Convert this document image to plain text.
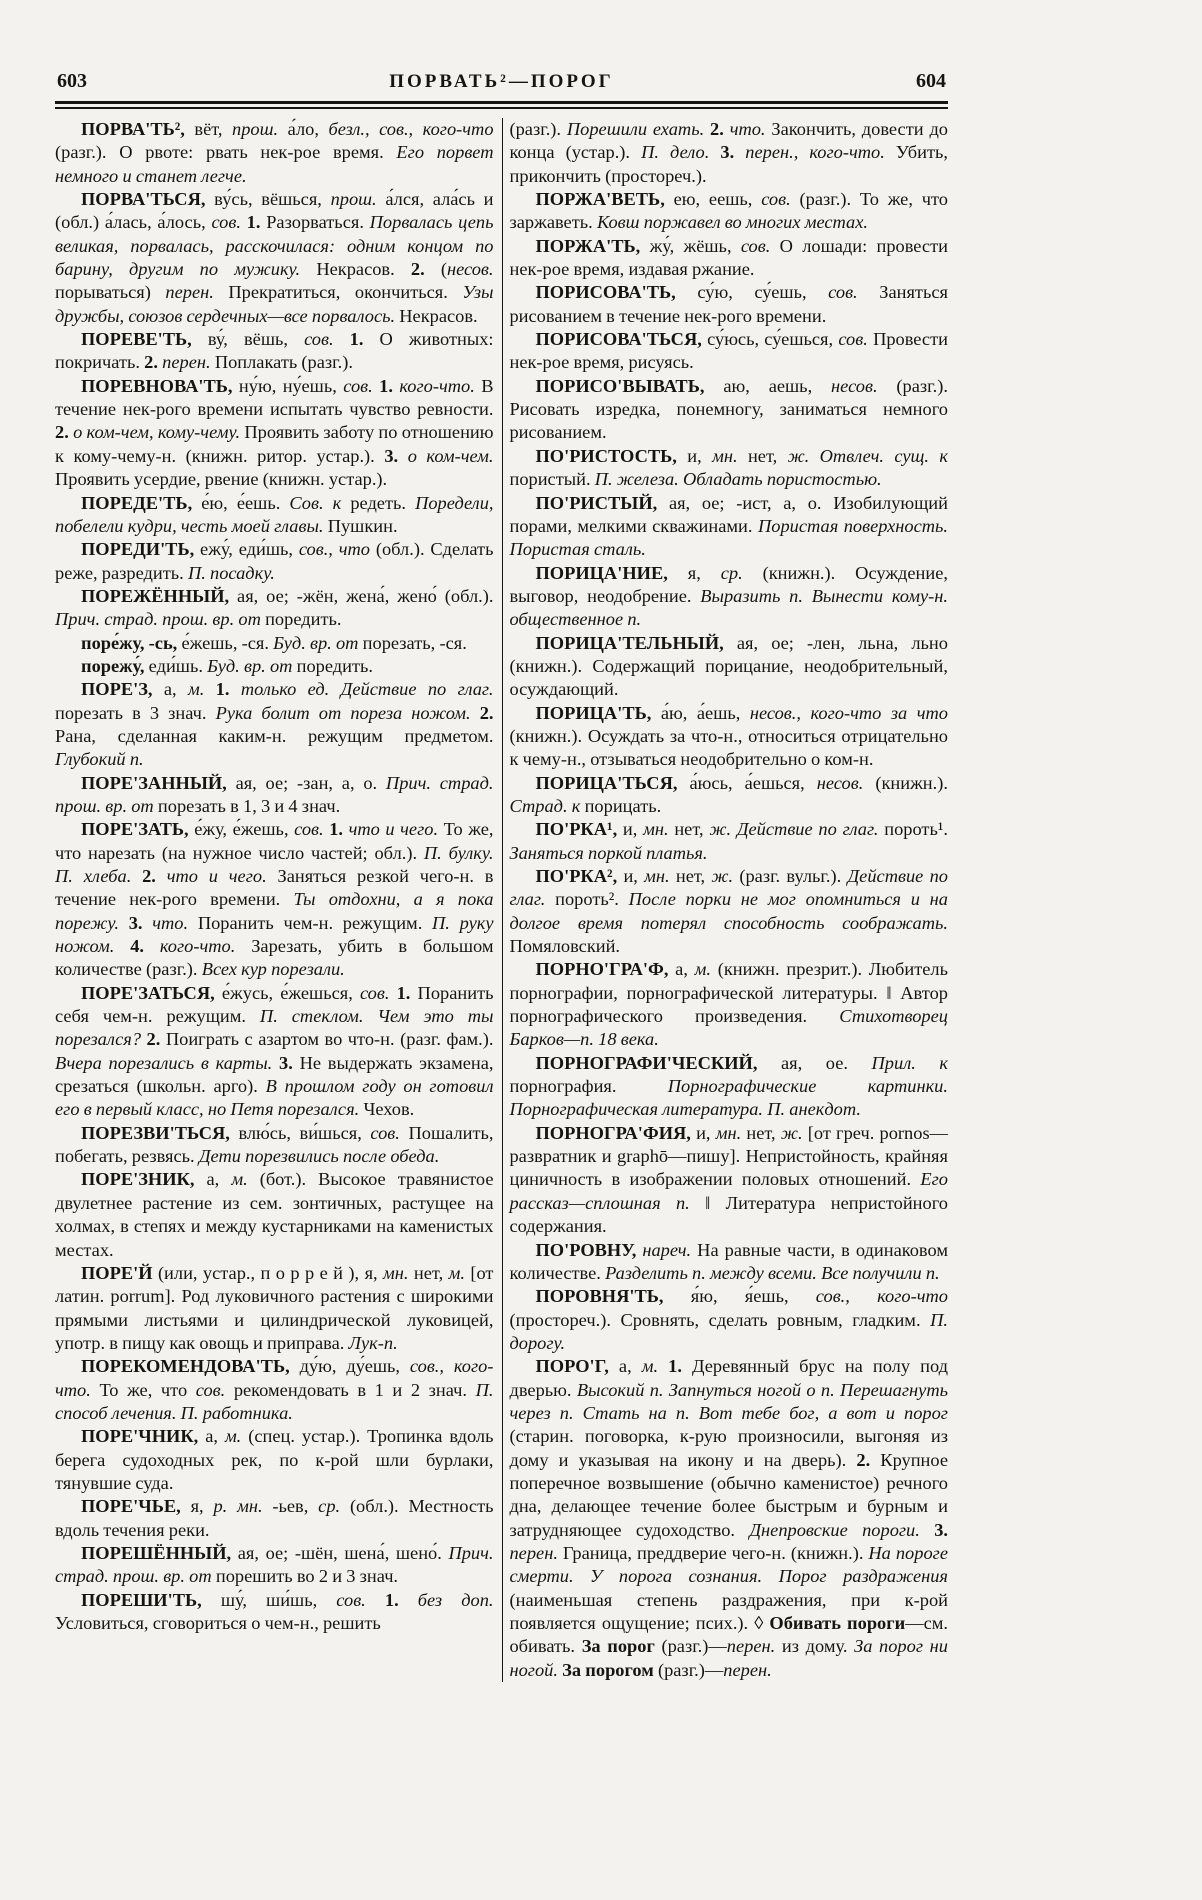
603	ПОРВАТЬ²—ПОРОГ	604

ПОРВА'ТЬ², вёт, прош. а́ло, безл., сов., кого-что (разг.). О рвоте: рвать нек-рое время. Его порвет немного и станет легче.

ПОРВА'ТЬСЯ, ву́сь, вёшься, прош. а́лся, ала́сь и (обл.) а́лась, а́лось, сов. 1. Разорваться. Порвалась цепь великая, порвалась, расскочилася: одним концом по барину, другим по мужику. Некрасов. 2. (несов. порываться) перен. Прекратиться, окончиться. Узы дружбы, союзов сердечных—все порвалось. Некрасов.

ПОРЕВЕ'ТЬ, ву́, вёшь, сов. 1. О животных: покричать. 2. перен. Поплакать (разг.).

ПОРЕВНОВА'ТЬ, ну́ю, ну́ешь, сов. 1. кого-что. В течение нек-рого времени испытать чувство ревности. 2. о ком-чем, кому-чему. Проявить заботу по отношению к кому-чему-н. (книжн. ритор. устар.). 3. о ком-чем. Проявить усердие, рвение (книжн. устар.).

ПОРЕДЕ'ТЬ, е́ю, е́ешь. Сов. к редеть. Поредели, побелели кудри, честь моей главы. Пушкин.

ПОРЕДИ'ТЬ, ежу́, еди́шь, сов., что (обл.). Сделать реже, разредить. П. посадку.

ПОРЕЖЁННЫЙ, ая, ое; -жён, жена́, жено́ (обл.). Прич. страд. прош. вр. от поредить.

поре́жу, -сь, е́жешь, -ся. Буд. вр. от порезать, -ся.

порежу́, еди́шь. Буд. вр. от поредить.

ПОРЕ'З, а, м. 1. только ед. Действие по глаг. порезать в 3 знач. Рука болит от пореза ножом. 2. Рана, сделанная каким-н. режущим предметом. Глубокий п.

ПОРЕ'ЗАННЫЙ, ая, ое; -зан, а, о. Прич. страд. прош. вр. от порезать в 1, 3 и 4 знач.

ПОРЕ'ЗАТЬ, е́жу, е́жешь, сов. 1. что и чего. То же, что нарезать (на нужное число частей; обл.). П. булку. П. хлеба. 2. что и чего. Заняться резкой чего-н. в течение нек-рого времени. Ты отдохни, а я пока порежу. 3. что. Поранить чем-н. режущим. П. руку ножом. 4. кого-что. Зарезать, убить в большом количестве (разг.). Всех кур порезали.

ПОРЕ'ЗАТЬСЯ, е́жусь, е́жешься, сов. 1. Поранить себя чем-н. режущим. П. стеклом. Чем это ты порезался? 2. Поиграть с азартом во что-н. (разг. фам.). Вчера порезались в карты. 3. Не выдержать экзамена, срезаться (школьн. арго). В прошлом году он готовил его в первый класс, но Петя порезался. Чехов.

ПОРЕЗВИ'ТЬСЯ, влю́сь, ви́шься, сов. Пошалить, побегать, резвясь. Дети порезвились после обеда.

ПОРЕ'ЗНИК, а, м. (бот.). Высокое травянистое двулетнее растение из сем. зонтичных, растущее на холмах, в степях и между кустарниками на каменистых местах.

ПОРЕ'Й (или, устар., п о р р е й ), я, мн. нет, м. [от латин. porrum]. Род луковичного растения с широкими прямыми листьями и цилиндрической луковицей, употр. в пищу как овощь и приправа. Лук-п.

ПОРЕКОМЕНДОВА'ТЬ, ду́ю, ду́ешь, сов., кого-что. То же, что сов. рекомендовать в 1 и 2 знач. П. способ лечения. П. работника.

ПОРЕ'ЧНИК, а, м. (спец. устар.). Тропинка вдоль берега судоходных рек, по к-рой шли бурлаки, тянувшие суда.

ПОРЕ'ЧЬЕ, я, р. мн. -ьев, ср. (обл.). Местность вдоль течения реки.

ПОРЕШЁННЫЙ, ая, ое; -шён, шена́, шено́. Прич. страд. прош. вр. от порешить во 2 и 3 знач.

ПОРЕШИ'ТЬ, шу́, ши́шь, сов. 1. без доп. Условиться, сговориться о чем-н., решить

(разг.). Порешили ехать. 2. что. Закончить, довести до конца (устар.). П. дело. 3. перен., кого-что. Убить, прикончить (простореч.).

ПОРЖА'ВЕТЬ, ею, еешь, сов. (разг.). То же, что заржаветь. Ковш поржавел во многих местах.

ПОРЖА'ТЬ, жу́, жёшь, сов. О лошади: провести нек-рое время, издавая ржание.

ПОРИСОВА'ТЬ, су́ю, су́ешь, сов. Заняться рисованием в течение нек-рого времени.

ПОРИСОВА'ТЬСЯ, су́юсь, су́ешься, сов. Провести нек-рое время, рисуясь.

ПОРИСО'ВЫВАТЬ, аю, аешь, несов. (разг.). Рисовать изредка, понемногу, заниматься немного рисованием.

ПО'РИСТОСТЬ, и, мн. нет, ж. Отвлеч. сущ. к пористый. П. железа. Обладать пористостью.

ПО'РИСТЫЙ, ая, ое; -ист, а, о. Изобилующий порами, мелкими скважинами. Пористая поверхность. Пористая сталь.

ПОРИЦА'НИЕ, я, ср. (книжн.). Осуждение, выговор, неодобрение. Выразить п. Вынести кому-н. общественное п.

ПОРИЦА'ТЕЛЬНЫЙ, ая, ое; -лен, льна, льно (книжн.). Содержащий порицание, неодобрительный, осуждающий.

ПОРИЦА'ТЬ, а́ю, а́ешь, несов., кого-что за что (книжн.). Осуждать за что-н., относиться отрицательно к чему-н., отзываться неодобрительно о ком-н.

ПОРИЦА'ТЬСЯ, а́юсь, а́ешься, несов. (книжн.). Страд. к порицать.

ПО'РКА¹, и, мн. нет, ж. Действие по глаг. пороть¹. Заняться поркой платья.

ПО'РКА², и, мн. нет, ж. (разг. вульг.). Действие по глаг. пороть². После порки не мог опомниться и на долгое время потерял способность соображать. Помяловский.

ПОРНО'ГРА'Ф, а, м. (книжн. презрит.). Любитель порнографии, порнографической литературы. ‖ Автор порнографического произведения. Стихотворец Барков—п. 18 века.

ПОРНОГРАФИ'ЧЕСКИЙ, ая, ое. Прил. к порнография. Порнографические картинки. Порнографическая литература. П. анекдот.

ПОРНОГРА'ФИЯ, и, мн. нет, ж. [от греч. pornos—развратник и graphō—пишу]. Непристойность, крайняя циничность в изображении половых отношений. Его рассказ—сплошная п. ‖ Литература непристойного содержания.

ПО'РОВНУ, нареч. На равные части, в одинаковом количестве. Разделить п. между всеми. Все получили п.

ПОРОВНЯ'ТЬ, я́ю, я́ешь, сов., кого-что (простореч.). Сровнять, сделать ровным, гладким. П. дорогу.

ПОРО'Г, а, м. 1. Деревянный брус на полу под дверью. Высокий п. Запнуться ногой о п. Перешагнуть через п. Стать на п. Вот тебе бог, а вот и порог (старин. поговорка, к-рую произносили, выгоняя из дому и указывая на икону и на дверь). 2. Крупное поперечное возвышение (обычно каменистое) речного дна, делающее течение более быстрым и бурным и затрудняющее судоходство. Днепровские пороги. 3. перен. Граница, преддверие чего-н. (книжн.). На пороге смерти. У порога сознания. Порог раздражения (наименьшая степень раздражения, при к-рой появляется ощущение; псих.). ◊ Обивать пороги—см. обивать. За порог (разг.)—перен. из дому. За порог ни ногой. За порогом (разг.)—перен.
